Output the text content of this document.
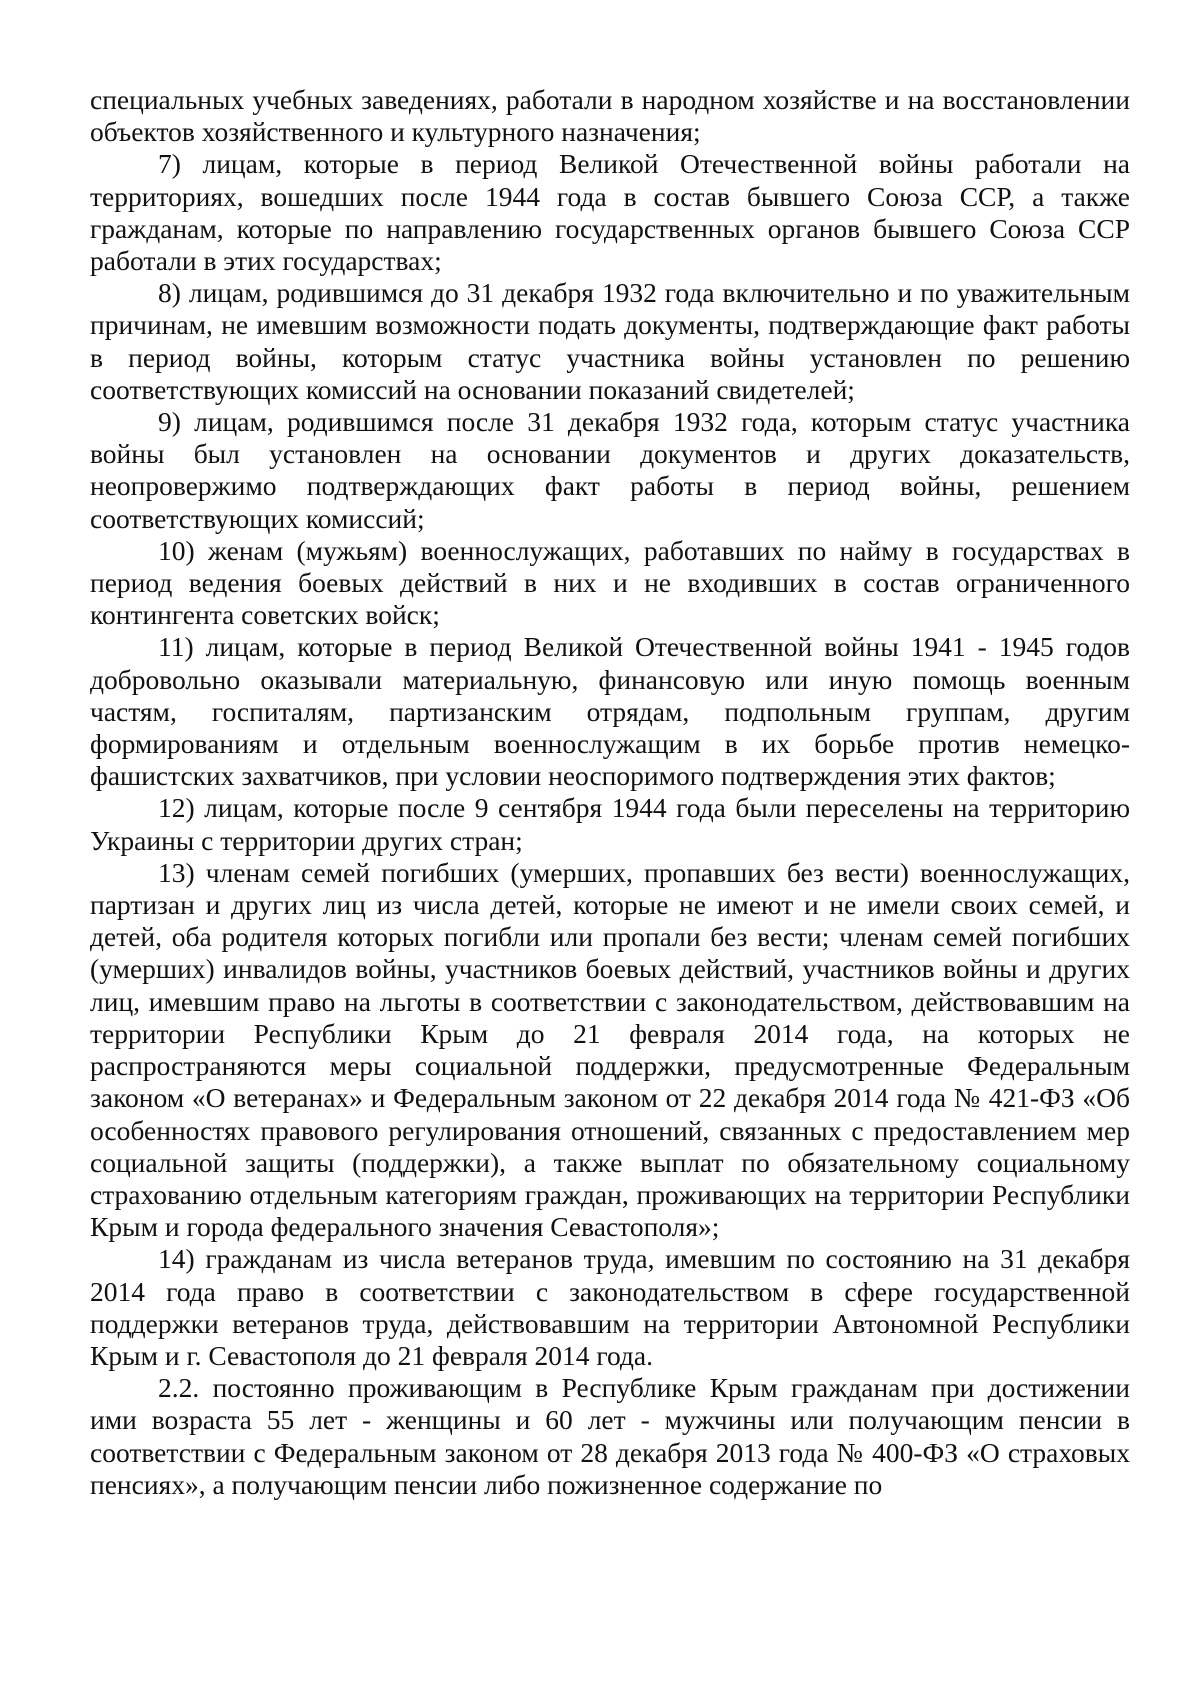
специальных учебных заведениях, работали в народном хозяйстве и на восстановлении объектов хозяйственного и культурного назначения;

7) лицам, которые в период Великой Отечественной войны работали на территориях, вошедших после 1944 года в состав бывшего Союза ССР, а также гражданам, которые по направлению государственных органов бывшего Союза ССР работали в этих государствах;

8) лицам, родившимся до 31 декабря 1932 года включительно и по уважительным причинам, не имевшим возможности подать документы, подтверждающие факт работы в период войны, которым статус участника войны установлен по решению соответствующих комиссий на основании показаний свидетелей;

9) лицам, родившимся после 31 декабря 1932 года, которым статус участника войны был установлен на основании документов и других доказательств, неопровержимо подтверждающих факт работы в период войны, решением соответствующих комиссий;

10) женам (мужьям) военнослужащих, работавших по найму в государствах в период ведения боевых действий в них и не входивших в состав ограниченного контингента советских войск;

11) лицам, которые в период Великой Отечественной войны 1941 - 1945 годов добровольно оказывали материальную, финансовую или иную помощь военным частям, госпиталям, партизанским отрядам, подпольным группам, другим формированиям и отдельным военнослужащим в их борьбе против немецко-фашистских захватчиков, при условии неоспоримого подтверждения этих фактов;

12) лицам, которые после 9 сентября 1944 года были переселены на территорию Украины с территории других стран;

13) членам семей погибших (умерших, пропавших без вести) военнослужащих, партизан и других лиц из числа детей, которые не имеют и не имели своих семей, и детей, оба родителя которых погибли или пропали без вести; членам семей погибших (умерших) инвалидов войны, участников боевых действий, участников войны и других лиц, имевшим право на льготы в соответствии с законодательством, действовавшим на территории Республики Крым до 21 февраля 2014 года, на которых не распространяются меры социальной поддержки, предусмотренные Федеральным законом «О ветеранах» и Федеральным законом от 22 декабря 2014 года № 421-ФЗ «Об особенностях правового регулирования отношений, связанных с предоставлением мер социальной защиты (поддержки), а также выплат по обязательному социальному страхованию отдельным категориям граждан, проживающих на территории Республики Крым и города федерального значения Севастополя»;

14) гражданам из числа ветеранов труда, имевшим по состоянию на 31 декабря 2014 года право в соответствии с законодательством в сфере государственной поддержки ветеранов труда, действовавшим на территории Автономной Республики Крым и г. Севастополя до 21 февраля 2014 года.

2.2. постоянно проживающим в Республике Крым гражданам при достижении ими возраста 55 лет - женщины и 60 лет - мужчины или получающим пенсии в соответствии с Федеральным законом от 28 декабря 2013 года № 400-ФЗ «О страховых пенсиях», а получающим пенсии либо пожизненное содержание по
